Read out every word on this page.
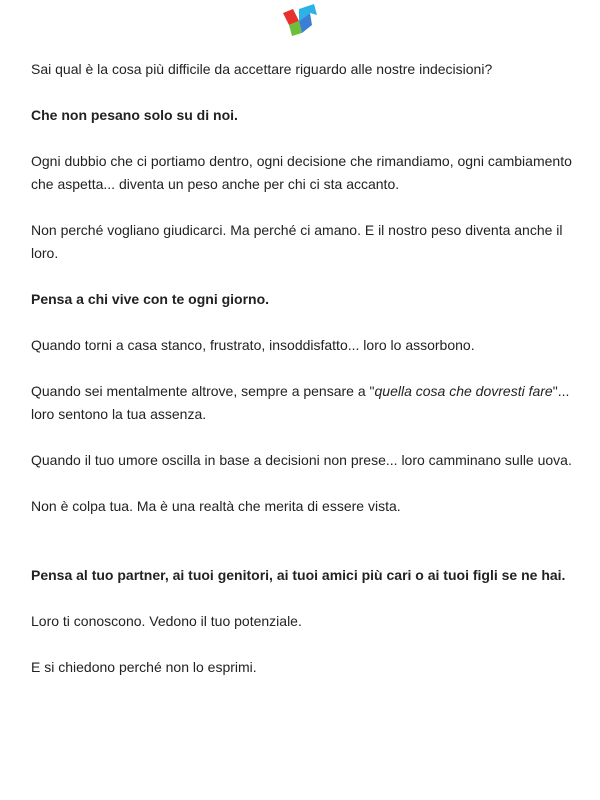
Sai qual è la cosa più difficile da accettare riguardo alle nostre indecisioni?

Che non pesano solo su di noi.

Ogni dubbio che ci portiamo dentro, ogni decisione che rimandiamo, ogni cambiamento che aspetta... diventa un peso anche per chi ci sta accanto.

Non perché vogliano giudicarci. Ma perché ci amano. E il nostro peso diventa anche il loro.

Pensa a chi vive con te ogni giorno.

Quando torni a casa stanco, frustrato, insoddisfatto... loro lo assorbono.

Quando sei mentalmente altrove, sempre a pensare a "quella cosa che dovresti fare"... loro sentono la tua assenza.

Quando il tuo umore oscilla in base a decisioni non prese... loro camminano sulle uova.

Non è colpa tua. Ma è una realtà che merita di essere vista.

Pensa al tuo partner, ai tuoi genitori, ai tuoi amici più cari o ai tuoi figli se ne hai.

Loro ti conoscono. Vedono il tuo potenziale.

E si chiedono perché non lo esprimi.
